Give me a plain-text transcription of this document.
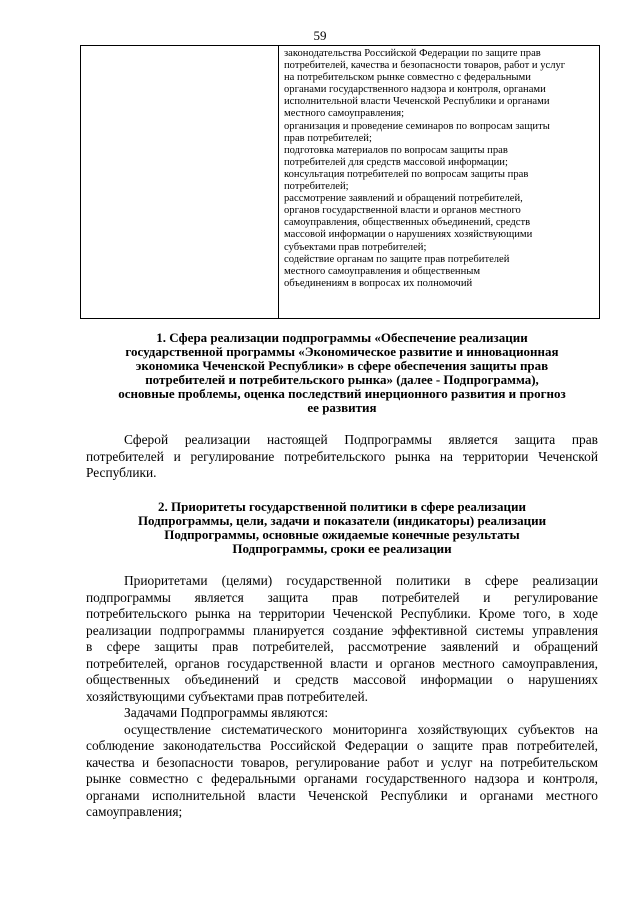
59
законодательства Российской Федерации по защите прав
потребителей, качества и безопасности товаров, работ и услуг
на потребительском рынке совместно с федеральными
органами государственного надзора и контроля, органами
исполнительной власти Чеченской Республики и органами
местного самоуправления;
организация и проведение семинаров по вопросам защиты
прав потребителей;
подготовка материалов по вопросам защиты прав
потребителей для средств массовой информации;
консультация потребителей по вопросам защиты прав
потребителей;
рассмотрение заявлений и обращений потребителей,
органов государственной власти и органов местного
самоуправления, общественных объединений, средств
массовой информации о нарушениях хозяйствующими
субъектами прав потребителей;
содействие органам по защите прав потребителей
местного самоуправления и общественным
объединениям в вопросах их полномочий
1. Сфера реализации подпрограммы «Обеспечение реализации
государственной программы «Экономическое развитие и инновационная
экономика Чеченской Республики» в сфере обеспечения защиты прав
потребителей и потребительского рынка» (далее - Подпрограмма),
основные проблемы, оценка последствий инерционного развития и прогноз
ее развития
Сферой реализации настоящей Подпрограммы является защита прав
потребителей и регулирование потребительского рынка на территории Чеченской
Республики.
2. Приоритеты государственной политики в сфере реализации
Подпрограммы, цели, задачи и показатели (индикаторы) реализации
Подпрограммы, основные ожидаемые конечные результаты
Подпрограммы, сроки ее реализации
Приоритетами (целями) государственной политики в сфере реализации
подпрограммы является защита прав потребителей и регулирование
потребительского рынка на территории Чеченской Республики. Кроме того, в ходе
реализации подпрограммы планируется создание эффективной системы управления
в сфере защиты прав потребителей, рассмотрение заявлений и обращений
потребителей, органов государственной власти и органов местного самоуправления,
общественных объединений и средств массовой информации о нарушениях
хозяйствующими субъектами прав потребителей.
Задачами Подпрограммы являются:
осуществление систематического мониторинга хозяйствующих субъектов на
соблюдение законодательства Российской Федерации о защите прав потребителей,
качества и безопасности товаров, регулирование работ и услуг на потребительском
рынке совместно с федеральными органами государственного надзора и контроля,
органами исполнительной власти Чеченской Республики и органами местного
самоуправления;
